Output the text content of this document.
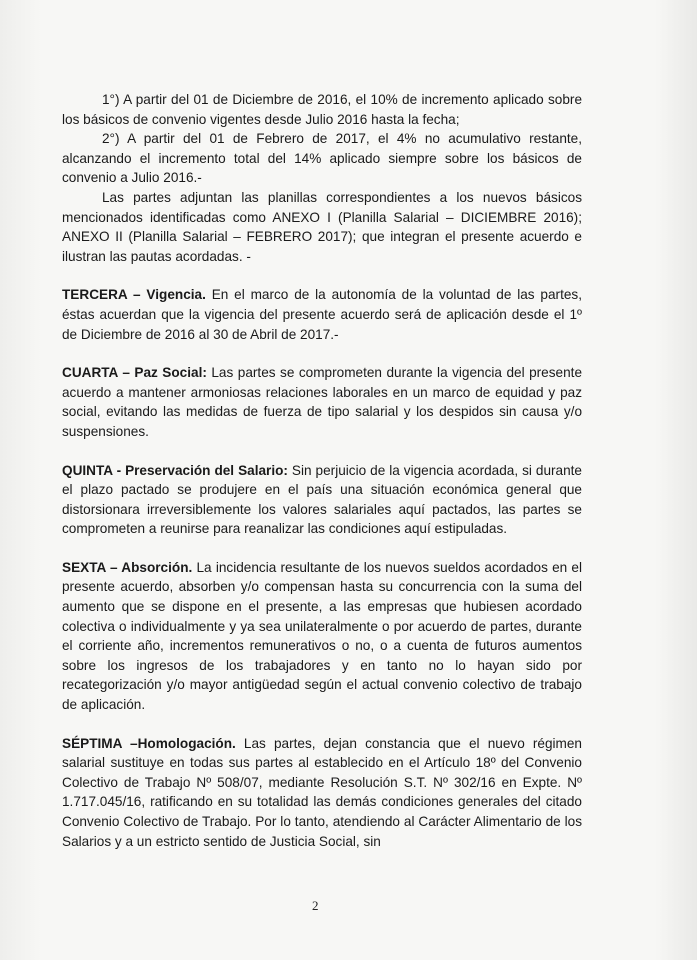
1°) A partir del 01 de Diciembre de 2016, el 10% de incremento aplicado sobre los básicos de convenio vigentes desde Julio 2016 hasta la fecha;

2°) A partir del 01 de Febrero de 2017, el 4% no acumulativo restante, alcanzando el incremento total del 14% aplicado siempre sobre los básicos de convenio a Julio 2016.-

Las partes adjuntan las planillas correspondientes a los nuevos básicos mencionados identificadas como ANEXO I (Planilla Salarial – DICIEMBRE 2016); ANEXO II (Planilla Salarial – FEBRERO 2017); que integran el presente acuerdo e ilustran las pautas acordadas. -

TERCERA – Vigencia. En el marco de la autonomía de la voluntad de las partes, éstas acuerdan que la vigencia del presente acuerdo será de aplicación desde el 1º de Diciembre de 2016 al 30 de Abril de 2017.-

CUARTA – Paz Social: Las partes se comprometen durante la vigencia del presente acuerdo a mantener armoniosas relaciones laborales en un marco de equidad y paz social, evitando las medidas de fuerza de tipo salarial y los despidos sin causa y/o suspensiones.

QUINTA - Preservación del Salario: Sin perjuicio de la vigencia acordada, si durante el plazo pactado se produjere en el país una situación económica general que distorsionara irreversiblemente los valores salariales aquí pactados, las partes se comprometen a reunirse para reanalizar las condiciones aquí estipuladas.

SEXTA – Absorción. La incidencia resultante de los nuevos sueldos acordados en el presente acuerdo, absorben y/o compensan hasta su concurrencia con la suma del aumento que se dispone en el presente, a las empresas que hubiesen acordado colectiva o individualmente y ya sea unilateralmente o por acuerdo de partes, durante el corriente año, incrementos remunerativos o no, o a cuenta de futuros aumentos sobre los ingresos de los trabajadores y en tanto no lo hayan sido por recategorización y/o mayor antigüedad según el actual convenio colectivo de trabajo de aplicación.

SÉPTIMA –Homologación. Las partes, dejan constancia que el nuevo régimen salarial sustituye en todas sus partes al establecido en el Artículo 18º del Convenio Colectivo de Trabajo Nº 508/07, mediante Resolución S.T. Nº 302/16 en Expte. Nº 1.717.045/16, ratificando en su totalidad las demás condiciones generales del citado Convenio Colectivo de Trabajo. Por lo tanto, atendiendo al Carácter Alimentario de los Salarios y a un estricto sentido de Justicia Social, sin

2
